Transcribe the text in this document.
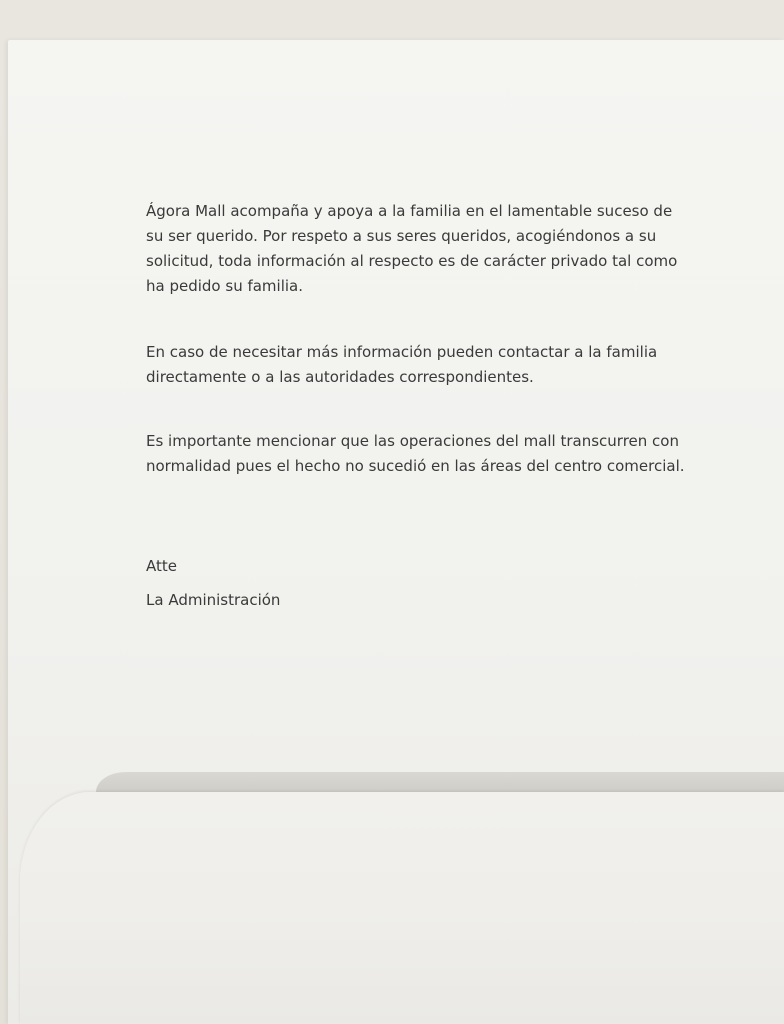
Ágora Mall acompaña y apoya a la familia en el lamentable suceso de su ser querido. Por respeto a sus seres queridos, acogiéndonos a su solicitud, toda información al respecto es de carácter privado tal como ha pedido su familia.

En caso de necesitar más información pueden contactar a la familia directamente o a las autoridades correspondientes.

Es importante mencionar que las operaciones del mall transcurren con normalidad pues el hecho no sucedió en las áreas del centro comercial.

Atte

La Administración
